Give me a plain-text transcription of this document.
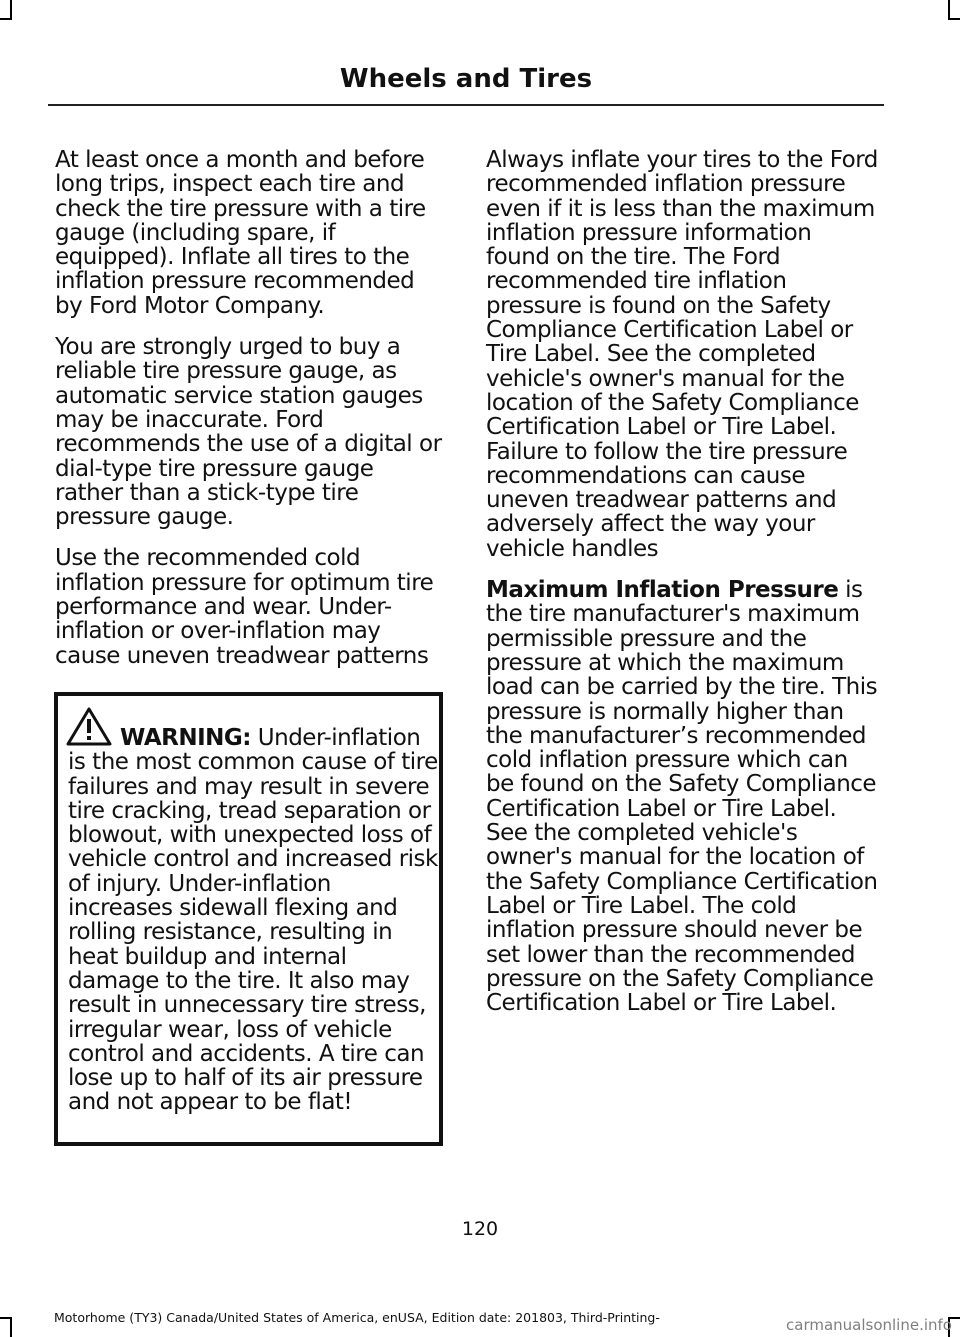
Wheels and Tires

At least once a month and before long trips, inspect each tire and check the tire pressure with a tire gauge (including spare, if equipped). Inflate all tires to the inflation pressure recommended by Ford Motor Company.

You are strongly urged to buy a reliable tire pressure gauge, as automatic service station gauges may be inaccurate. Ford recommends the use of a digital or dial-type tire pressure gauge rather than a stick-type tire pressure gauge.

Use the recommended cold inflation pressure for optimum tire performance and wear. Under-inflation or over-inflation may cause uneven treadwear patterns

WARNING: Under-inflation is the most common cause of tire failures and may result in severe tire cracking, tread separation or blowout, with unexpected loss of vehicle control and increased risk of injury. Under-inflation increases sidewall flexing and rolling resistance, resulting in heat buildup and internal damage to the tire. It also may result in unnecessary tire stress, irregular wear, loss of vehicle control and accidents. A tire can lose up to half of its air pressure and not appear to be flat!

Always inflate your tires to the Ford recommended inflation pressure even if it is less than the maximum inflation pressure information found on the tire. The Ford recommended tire inflation pressure is found on the Safety Compliance Certification Label or Tire Label. See the completed vehicle's owner's manual for the location of the Safety Compliance Certification Label or Tire Label. Failure to follow the tire pressure recommendations can cause uneven treadwear patterns and adversely affect the way your vehicle handles

Maximum Inflation Pressure is the tire manufacturer's maximum permissible pressure and the pressure at which the maximum load can be carried by the tire. This pressure is normally higher than the manufacturer’s recommended cold inflation pressure which can be found on the Safety Compliance Certification Label or Tire Label. See the completed vehicle's owner's manual for the location of the Safety Compliance Certification Label or Tire Label. The cold inflation pressure should never be set lower than the recommended pressure on the Safety Compliance Certification Label or Tire Label.

120
Motorhome (TY3) Canada/United States of America, enUSA, Edition date: 201803, Third-Printing-	carmanualsonline.info
